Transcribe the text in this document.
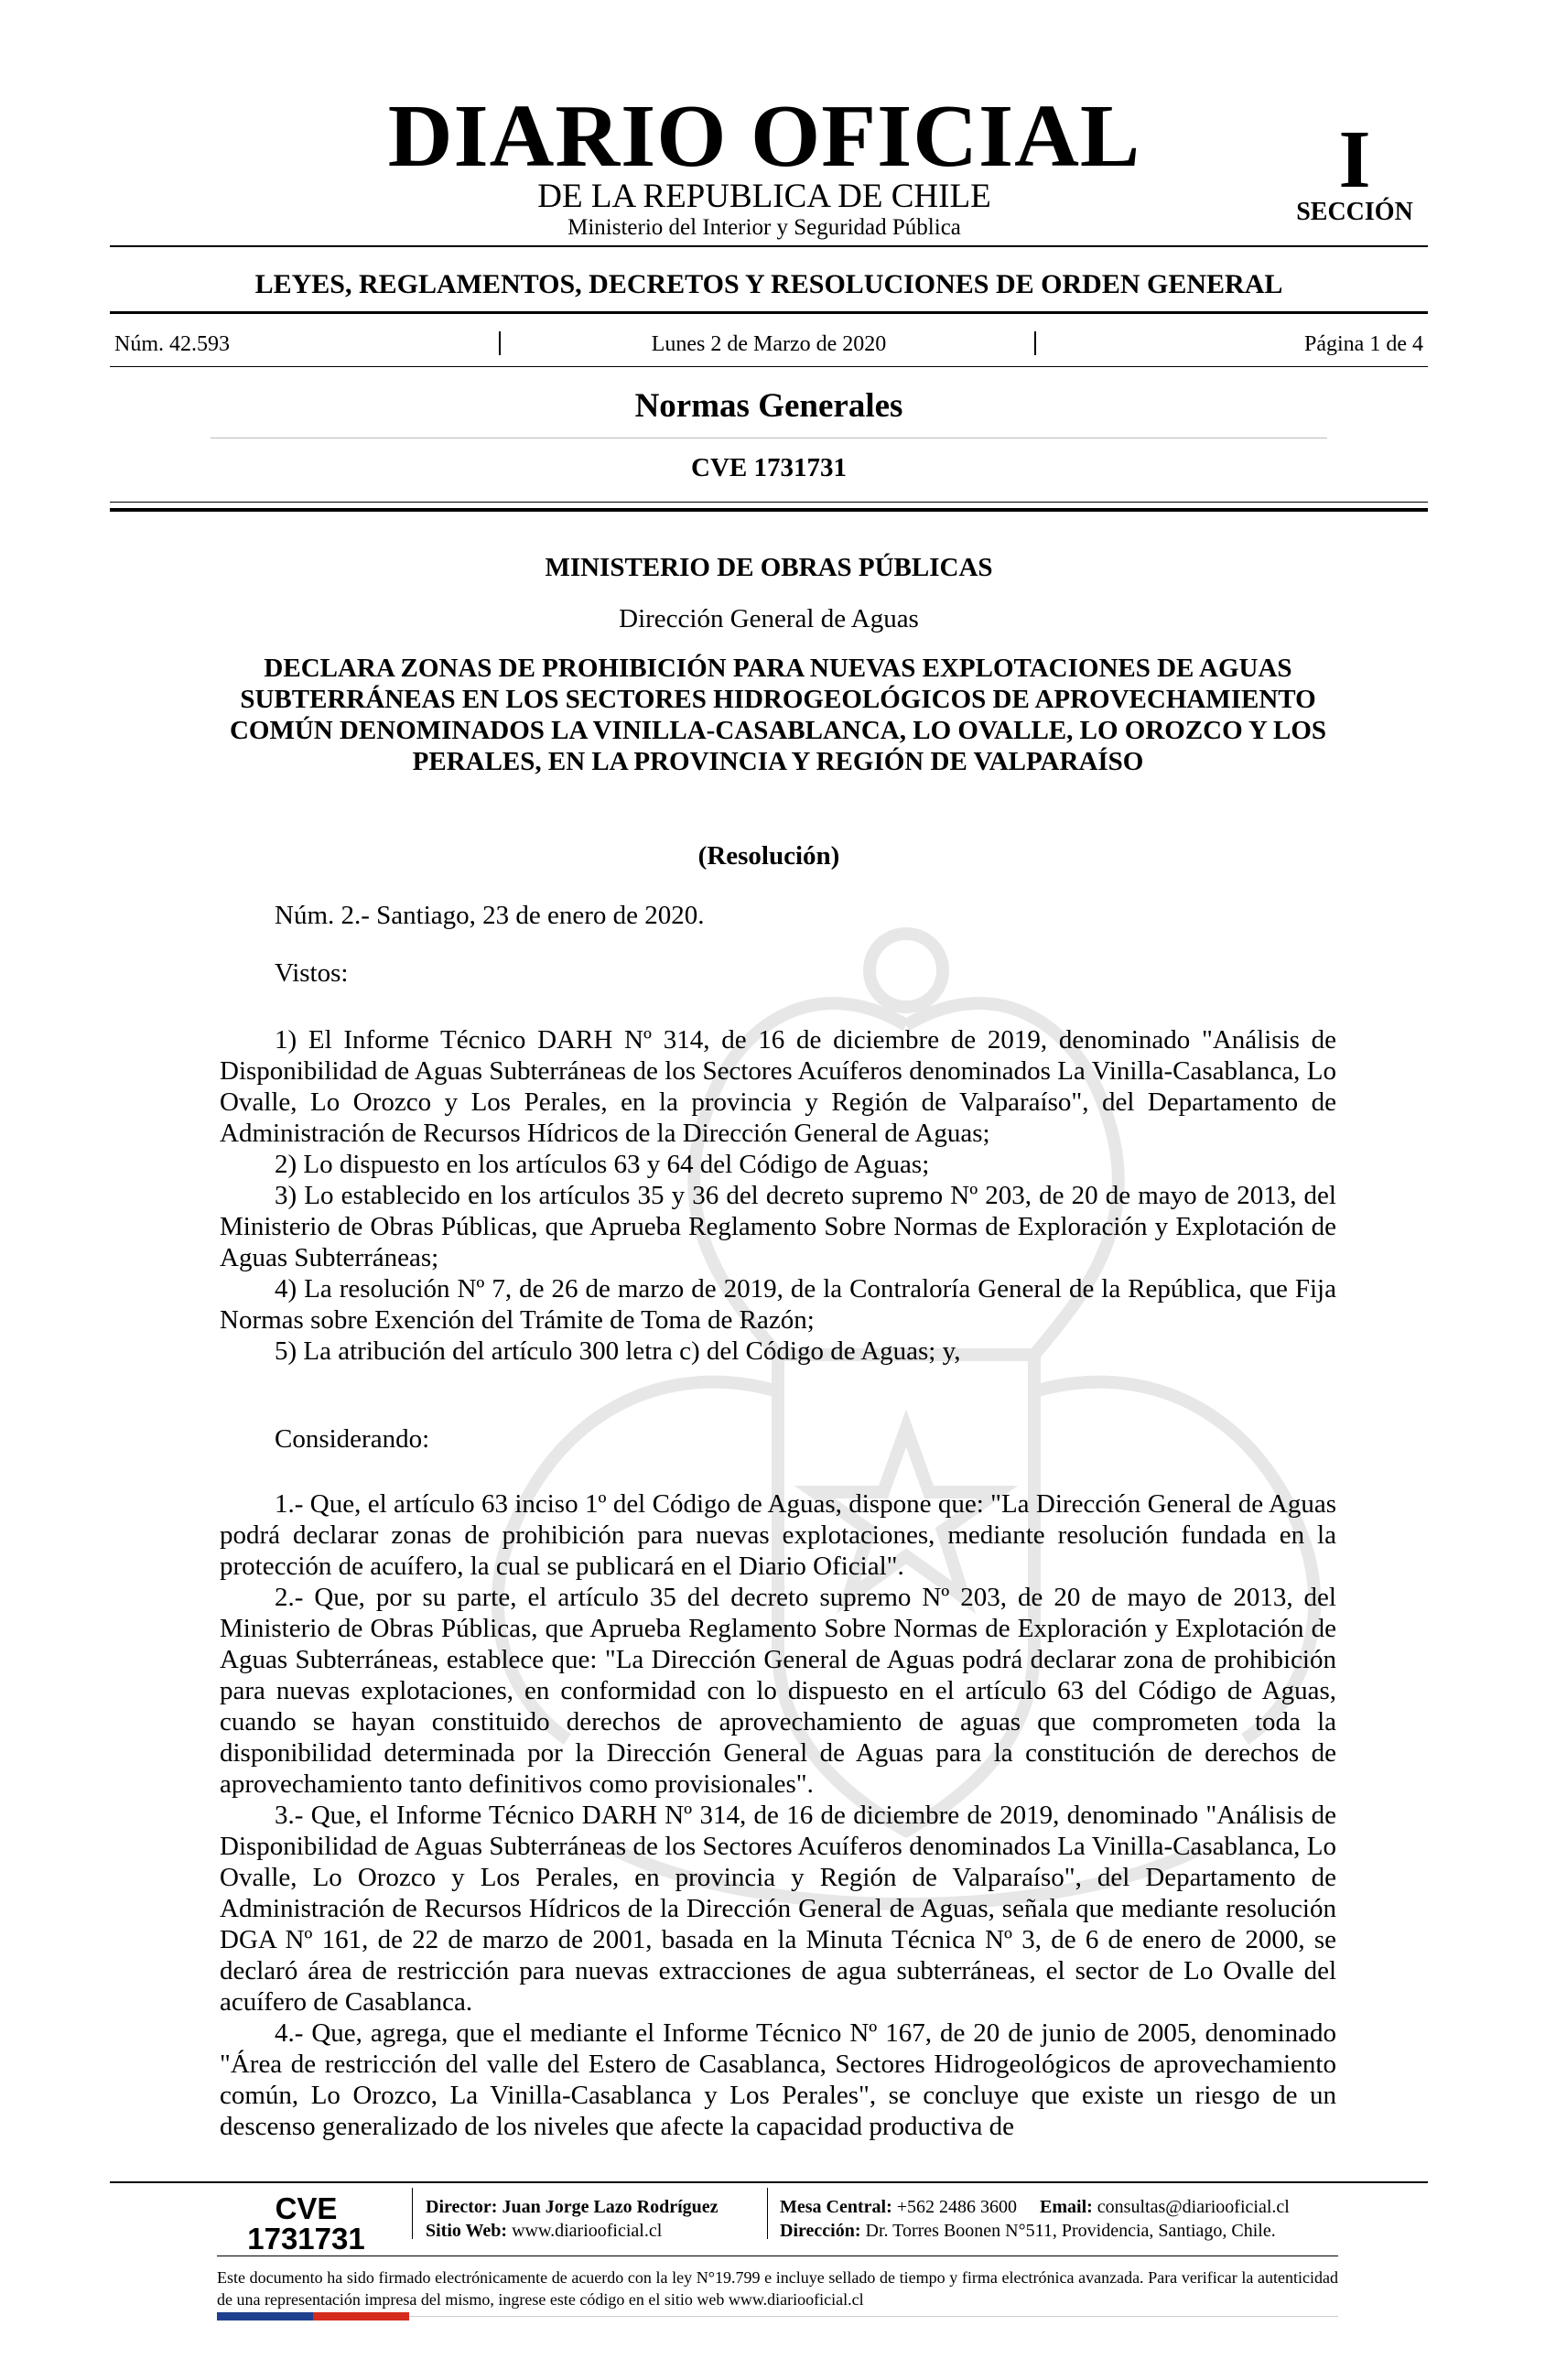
DIARIO OFICIAL
DE LA REPUBLICA DE CHILE
Ministerio del Interior y Seguridad Pública
I
SECCIÓN
LEYES, REGLAMENTOS, DECRETOS Y RESOLUCIONES DE ORDEN GENERAL
Núm. 42.593	Lunes 2 de Marzo de 2020	Página 1 de 4
Normas Generales
CVE 1731731
MINISTERIO DE OBRAS PÚBLICAS
Dirección General de Aguas
DECLARA ZONAS DE PROHIBICIÓN PARA NUEVAS EXPLOTACIONES DE AGUAS SUBTERRÁNEAS EN LOS SECTORES HIDROGEOLÓGICOS DE APROVECHAMIENTO COMÚN DENOMINADOS LA VINILLA-CASABLANCA, LO OVALLE, LO OROZCO Y LOS PERALES, EN LA PROVINCIA Y REGIÓN DE VALPARAÍSO
(Resolución)

Núm. 2.- Santiago, 23 de enero de 2020.

Vistos:

1) El Informe Técnico DARH Nº 314, de 16 de diciembre de 2019, denominado "Análisis de Disponibilidad de Aguas Subterráneas de los Sectores Acuíferos denominados La Vinilla-Casablanca, Lo Ovalle, Lo Orozco y Los Perales, en la provincia y Región de Valparaíso", del Departamento de Administración de Recursos Hídricos de la Dirección General de Aguas;

2) Lo dispuesto en los artículos 63 y 64 del Código de Aguas;

3) Lo establecido en los artículos 35 y 36 del decreto supremo Nº 203, de 20 de mayo de 2013, del Ministerio de Obras Públicas, que Aprueba Reglamento Sobre Normas de Exploración y Explotación de Aguas Subterráneas;

4) La resolución Nº 7, de 26 de marzo de 2019, de la Contraloría General de la República, que Fija Normas sobre Exención del Trámite de Toma de Razón;

5) La atribución del artículo 300 letra c) del Código de Aguas; y,

Considerando:

1.- Que, el artículo 63 inciso 1º del Código de Aguas, dispone que: "La Dirección General de Aguas podrá declarar zonas de prohibición para nuevas explotaciones, mediante resolución fundada en la protección de acuífero, la cual se publicará en el Diario Oficial".

2.- Que, por su parte, el artículo 35 del decreto supremo Nº 203, de 20 de mayo de 2013, del Ministerio de Obras Públicas, que Aprueba Reglamento Sobre Normas de Exploración y Explotación de Aguas Subterráneas, establece que: "La Dirección General de Aguas podrá declarar zona de prohibición para nuevas explotaciones, en conformidad con lo dispuesto en el artículo 63 del Código de Aguas, cuando se hayan constituido derechos de aprovechamiento de aguas que comprometen toda la disponibilidad determinada por la Dirección General de Aguas para la constitución de derechos de aprovechamiento tanto definitivos como provisionales".

3.- Que, el Informe Técnico DARH Nº 314, de 16 de diciembre de 2019, denominado "Análisis de Disponibilidad de Aguas Subterráneas de los Sectores Acuíferos denominados La Vinilla-Casablanca, Lo Ovalle, Lo Orozco y Los Perales, en provincia y Región de Valparaíso", del Departamento de Administración de Recursos Hídricos de la Dirección General de Aguas, señala que mediante resolución DGA Nº 161, de 22 de marzo de 2001, basada en la Minuta Técnica Nº 3, de 6 de enero de 2000, se declaró área de restricción para nuevas extracciones de agua subterráneas, el sector de Lo Ovalle del acuífero de Casablanca.

4.- Que, agrega, que el mediante el Informe Técnico Nº 167, de 20 de junio de 2005, denominado "Área de restricción del valle del Estero de Casablanca, Sectores Hidrogeológicos de aprovechamiento común, Lo Orozco, La Vinilla-Casablanca y Los Perales", se concluye que existe un riesgo de un descenso generalizado de los niveles que afecte la capacidad productiva de

CVE 1731731
Director: Juan Jorge Lazo Rodríguez
Sitio Web: www.diariooficial.cl
Mesa Central: +562 2486 3600 Email: consultas@diariooficial.cl
Dirección: Dr. Torres Boonen N°511, Providencia, Santiago, Chile.
Este documento ha sido firmado electrónicamente de acuerdo con la ley N°19.799 e incluye sellado de tiempo y firma electrónica avanzada. Para verificar la autenticidad de una representación impresa del mismo, ingrese este código en el sitio web www.diariooficial.cl
